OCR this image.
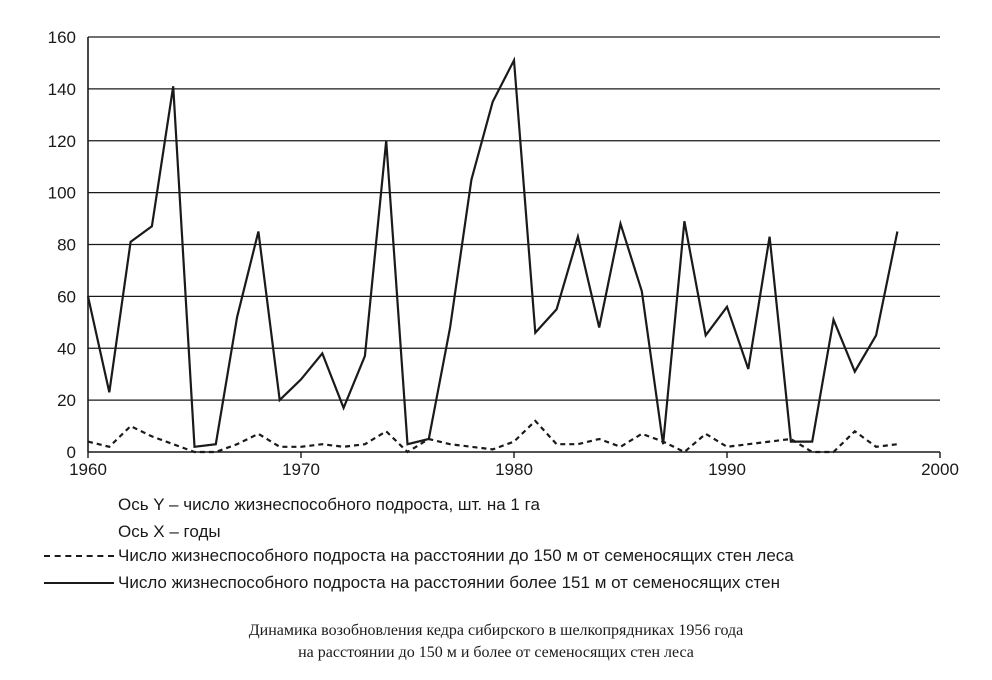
0
20
40
60
80
100
120
140
160
1960	1970	1980	1990	2000
Ось Y – число жизнеспособного подроста, шт. на 1 га
Ось X – годы
Число жизнеспособного подроста на расстоянии до 150 м от семеносящих стен леса
Число жизнеспособного подроста на расстоянии более 151 м от семеносящих стен
Динамика возобновления кедра сибирского в шелкопрядниках 1956 года
на расстоянии до 150 м и более от семеносящих стен леса
